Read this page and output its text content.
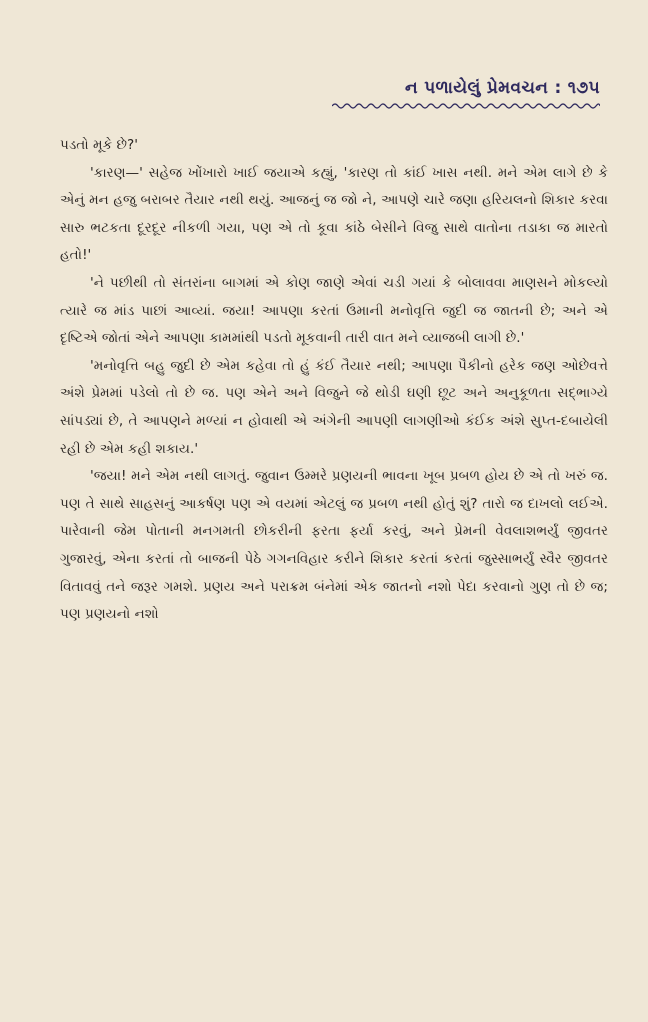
ન પળાયેલું પ્રેમવચન : ૧૭૫

પડતો મૂકે છે?'

'કારણ—' સહેજ ખોંખારો ખાઈ જયાએ કહ્યું, 'કારણ તો કાંઈ ખાસ નથી. મને એમ લાગે છે કે એનું મન હજુ બરાબર તૈયાર નથી થયું. આજનું જ જો ને, આપણે ચારે જણા હરિયલનો શિકાર કરવા સારુ ભટકતા દૂરદૂર નીકળી ગયા, પણ એ તો કૂવા કાંઠે બેસીને વિજુ સાથે વાતોના તડાકા જ મારતો હતો!'

'ને પછીથી તો સંતરાંના બાગમાં એ કોણ જાણે એવાં ચડી ગયાં કે બોલાવવા માણસને મોકલ્યો ત્યારે જ માંડ પાછાં આવ્યાં. જયા! આપણા કરતાં ઉમાની મનોવૃત્તિ જુદી જ જાતની છે; અને એ દૃષ્ટિએ જોતાં એને આપણા કામમાંથી પડતો મૂકવાની તારી વાત મને વ્યાજબી લાગી છે.'

'મનોવૃત્તિ બહુ જુદી છે એમ કહેવા તો હું કંઈ તૈયાર નથી; આપણા પૈકીનો હરેક જણ ઓછેવત્તે અંશે પ્રેમમાં પડેલો તો છે જ. પણ એને અને વિજુને જે થોડી ઘણી છૂટ અને અનુકૂળતા સદ્ભાગ્યે સાંપડ્યાં છે, તે આપણને મળ્યાં ન હોવાથી એ અંગેની આપણી લાગણીઓ કંઈક અંશે સુપ્ત-દબાયેલી રહી છે એમ કહી શકાય.'

'જયા! મને એમ નથી લાગતું. જુવાન ઉમ્મરે પ્રણયની ભાવના ખૂબ પ્રબળ હોય છે એ તો ખરું જ. પણ તે સાથે સાહસનું આકર્ષણ પણ એ વયમાં એટલું જ પ્રબળ નથી હોતું શું? તારો જ દાખલો લઈએ. પારેવાની જેમ પોતાની મનગમતી છોકરીની ફરતા ફર્યા કરવું, અને પ્રેમની વેવલાશભર્યું જીવતર ગુજારવું, એના કરતાં તો બાજની પેઠે ગગનવિહાર કરીને શિકાર કરતાં કરતાં જુસ્સાભર્યું સ્વૈર જીવતર વિતાવવું તને જરૂર ગમશે. પ્રણય અને પરાક્રમ બંનેમાં એક જાતનો નશો પેદા કરવાનો ગુણ તો છે જ; પણ પ્રણયનો નશો
